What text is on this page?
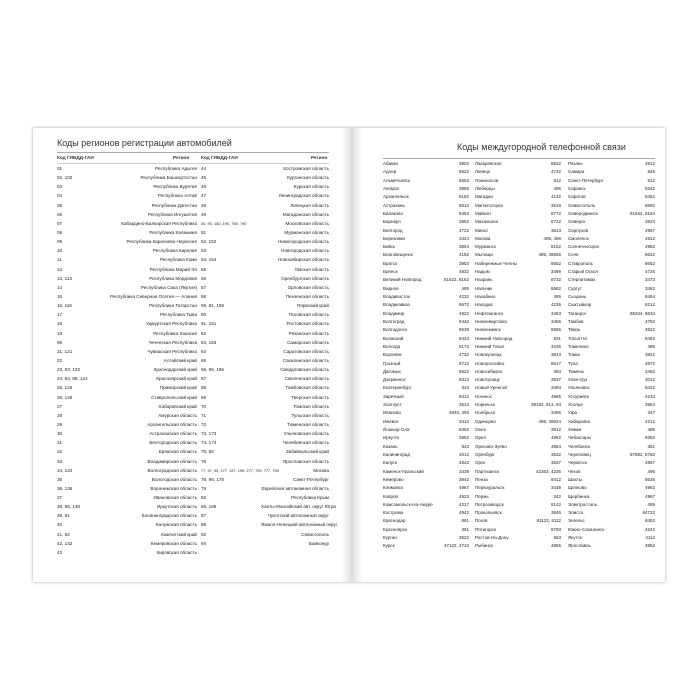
Коды регионов регистрации автомобилей
Код ГИБДД-ГАИ	Регион	Код ГИБДД-ГАИ	Регион
01	Республика Адыгея
02, 102	Республика Башкортостан
03	Республика Бурятия
04	Республика Алтай
05	Республика Дагестан
06	Республика Ингушетия
07	Кабардино-Балкарская Республика
08	Республика Калмыкия
09	Республика Карачаево-Черкесия
10	Республика Карелия
11	Республика Коми
12	Республика Марий Эл
13, 113	Республика Мордовия
14	Республика Саха (Якутия)
15	Республика Северная Осетия — Алания
16, 116	Республика Татарстан
17	Республика Тыва
18	Удмуртская Республика
19	Республика Хакасия
95	Чеченская Республика
21, 121	Чувашская Республика
22	Алтайский край
23, 93, 123	Краснодарский край
24, 84, 88, 124	Красноярский край
25, 125	Приморский край
26, 126	Ставропольский край
27	Хабаровский край
28	Амурская область
29	Архангельская область
30	Астраханская область
31	Белгородская область
32	Брянская область
33	Владимирская область
34, 134	Волгоградская область
35	Вологодская область
36, 136	Воронежская область
37	Ивановская область
38, 85, 138	Иркутская область
39, 91	Калининградская область
40	Калужская область
41, 82	Камчатский край
42, 142	Кемеровская область
43	Кировская область
44	Костромская область
45	Курганская область
46	Курская область
47	Ленинградская область
48	Липецкая область
49	Магаданская область
50, 90, 150, 190, 750, 790	Московская область
51	Мурманская область
52, 152	Нижегородская область
53	Новгородская область
54, 154	Новосибирская область
55	Омская область
56	Оренбургская область
57	Орловская область
58	Пензенская область
59, 81, 159	Пермский край
60	Псковская область
61, 161	Ростовская область
62	Рязанская область
63, 163	Самарская область
64	Саратовская область
65	Сахалинская область
66, 96, 196	Свердловская область
67	Смоленская область
68	Тамбовская область
69	Тверская область
70	Томская область
71	Тульская область
72	Тюменская область
73, 173	Ульяновская область
74, 174	Челябинская область
75, 80	Забайкальский край
76	Ярославская область
77, 97, 99, 177, 197, 199, 277, 799, 777, 799	Москва
78, 98, 178	Санкт-Петербург
79	Еврейская автономная область
82	Республика Крым
86, 186	Ханты-Мансийский авт. округ Югра
87	Чукотский автономный округ
89	Ямало-Ненецкий автономный округ
92	Севастополь
94	Байконур
Коды междугородной телефонной связи
Абакан	3902
Адлер	8622
Альметьевск	8553
Ангарск	3955
Архангельск	8182
Астрахань	8512
Балаково	8453
Барнаул	3852
Белгород	4722
Березники	3424
Бийск	3854
Благовещенск	4162
Братск	3953
Брянск	4832
Великий Новгород	81622, 8162
Видное	495
Владивосток	4232
Владикавказ	8672
Владимир	4922
Волгоград	8442
Волгодонск	8639
Волжский	8443
Вологда	8172
Воронеж	4732
Грозный	8712
Дагомыс	8622
Дзержинск	8313
Екатеринбург	343
Заречный	8412
Златоуст	3513
Иваново	4932, 493
Ижевск	3412
Йошкар-Ола	8362
Иркутск	3952
Казань	843
Калининград	4012
Калуга	4842
Каменск-Уральский	3439
Кемерово	3842
Климовск	4967
Ковров	4923
Комсомольск-На-Амуре	4217
Кострома	4942
Краснодар	861
Красноярск	391
Курган	3522
Курск	47122, 4712
Лазаревское	8622
Липецк	4742
Ломоносов	812
Люберцы	495
Магадан	4132
Магнитогорск	3519
Майкоп	8772
Махачкала	8722
Миасс	3513
Москва	495, 499
Мурманск	8152
Мытищи	495, 49656
Набережные Челны	8552
Надым	3499
Назрань	8732
Нальчик	8662
Нахабино	495
Находка	4236
Нефтеюганск	3463
Нижневартовск	3466
Нижнекамск	8555
Нижний Новгород	831
Нижний Тагил	3435
Новокузнецк	3843
Новороссийск	8617
Новосибирск	383
Новотроицк	3537
Новый Уренгой	3494
Ногинск	4965
Норильск	39192, 913, 94
Ноябрьск	3496
Одинцово	495, 49624
Омск	3812
Орел	4862
Орехово-Зуево	4964
Оренбург	3532
Орск	3537
Партизанск	42363, 4236
Пенза	8412
Первоуральск	3439
Пермь	342
Петрозаводск	8142
Прокопьевск	3846
Псков	81122, 8112
Пятигорск	8793
Ростов-На-Дону	863
Рыбинск	4855
Рязань	4912
Самара	846
Санкт-Петербург	812
Саранск	8342
Саратов	8452
Севастополь	8692
Северодвинск	81842, 8184
Северск	3823
Серпухов	4967
Смоленск	4812
Солнечногорск	4962
Сочи	8622
Ставрополь	8652
Старый Оскол	4725
Стерлитамак	3473
Сургут	3462
Сызрань	8464
Сыктывкар	8212
Таганрог	86344, 8634
Тамбов	4752
Тверь	4822
Тольятти	8482
Томилино	495
Томск	3822
Тула	4872
Тюмень	3452
Улан-Удэ	3012
Ульяновск	8422
Уссурийск	4234
Усолье	3954
Уфа	347
Хабаровск	4212
Химки	495
Чебоксары	8352
Челябинск	351
Череповец	87882, 8782
Черкесск	4967
Чехов	496
Шахты	8636
Щелково	4962
Щербинка	4967
Электросталь	495
Элиста	84722
Энгельс	8453
Южно-Сахалинск	4242
Якутск	4112
Ярославль	4852
